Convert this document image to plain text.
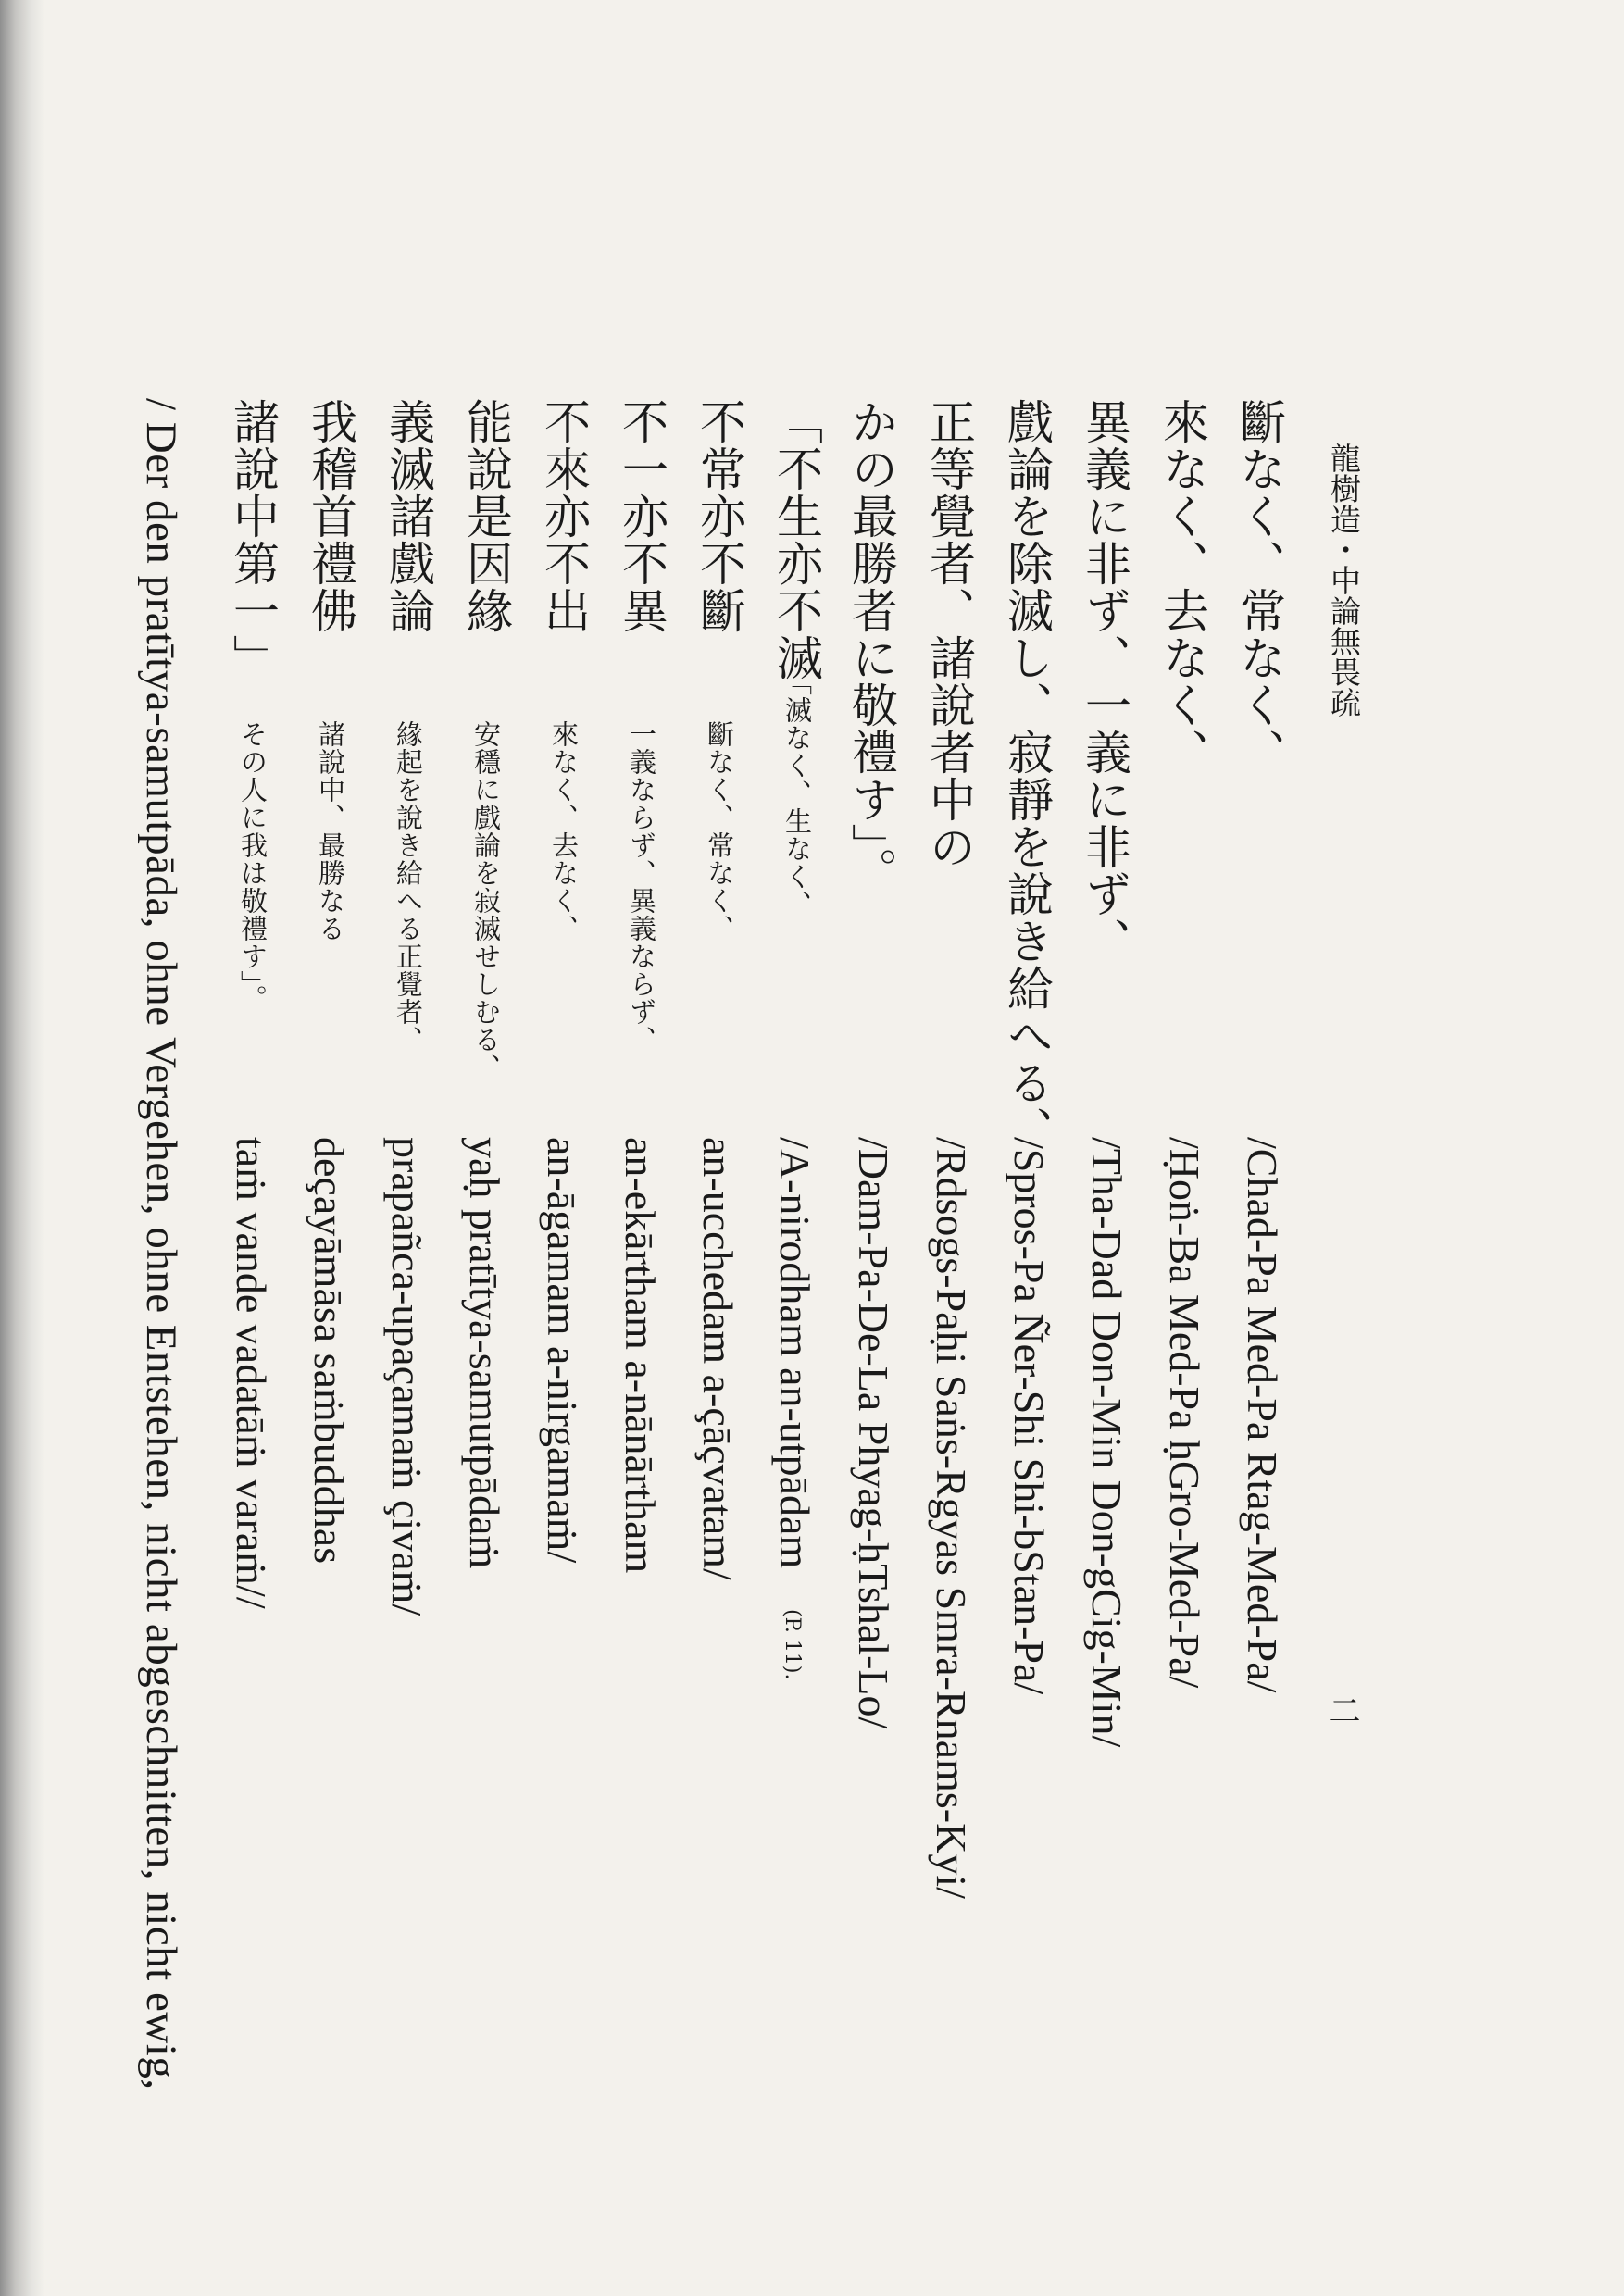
龍樹造・中論無畏疏
二
/Chad-Pa Med-Pa Rtag-Med-Pa/
/Ḥoṅ-Ba Med-Pa ḥGro-Med-Pa/
/Tha-Dad Don-Min Don-gCig-Min/
/Spros-Pa Ñer-Shi Shi-bStan-Pa/
/Rdsogs-Paḥi Saṅs-Rgyas Smra-Rnams-Kyi/
/Dam-Pa-De-La Phyag-ḥTshal-Lo/
斷なく、常なく、
來なく、去なく、
異義に非ず、一義に非ず、
戲論を除滅し、寂靜を說き給へる、
正等覺者、諸說者中の
かの最勝者に敬禮す」。
「不生亦不滅
不常亦不斷
不一亦不異
不來亦不出
能說是因緣
義滅諸戲論
我稽首禮佛
諸說中第一」
「滅なく、生なく、
斷なく、常なく、
一義ならず、異義ならず、
來なく、去なく、
安穩に戲論を寂滅せしむる、
緣起を說き給へる正覺者、
諸說中、最勝なる
その人に我は敬禮す」。
/A-nirodham an-utpādam
(P. 11).
an-ucchedam a-çāçvatam/
an-ekārtham a-nānārtham
an-āgamam a-nirgamaṁ/
yaḥ pratītya-samutpādaṁ
prapañca-upaçamaṁ çivaṁ/
deçayāmāsa saṁbuddhas
taṁ vande vadatāṁ varaṁ//
/ Der den pratītya-samutpāda, ohne Vergehen, ohne Entstehen, nicht abgeschnitten, nicht ewig,
